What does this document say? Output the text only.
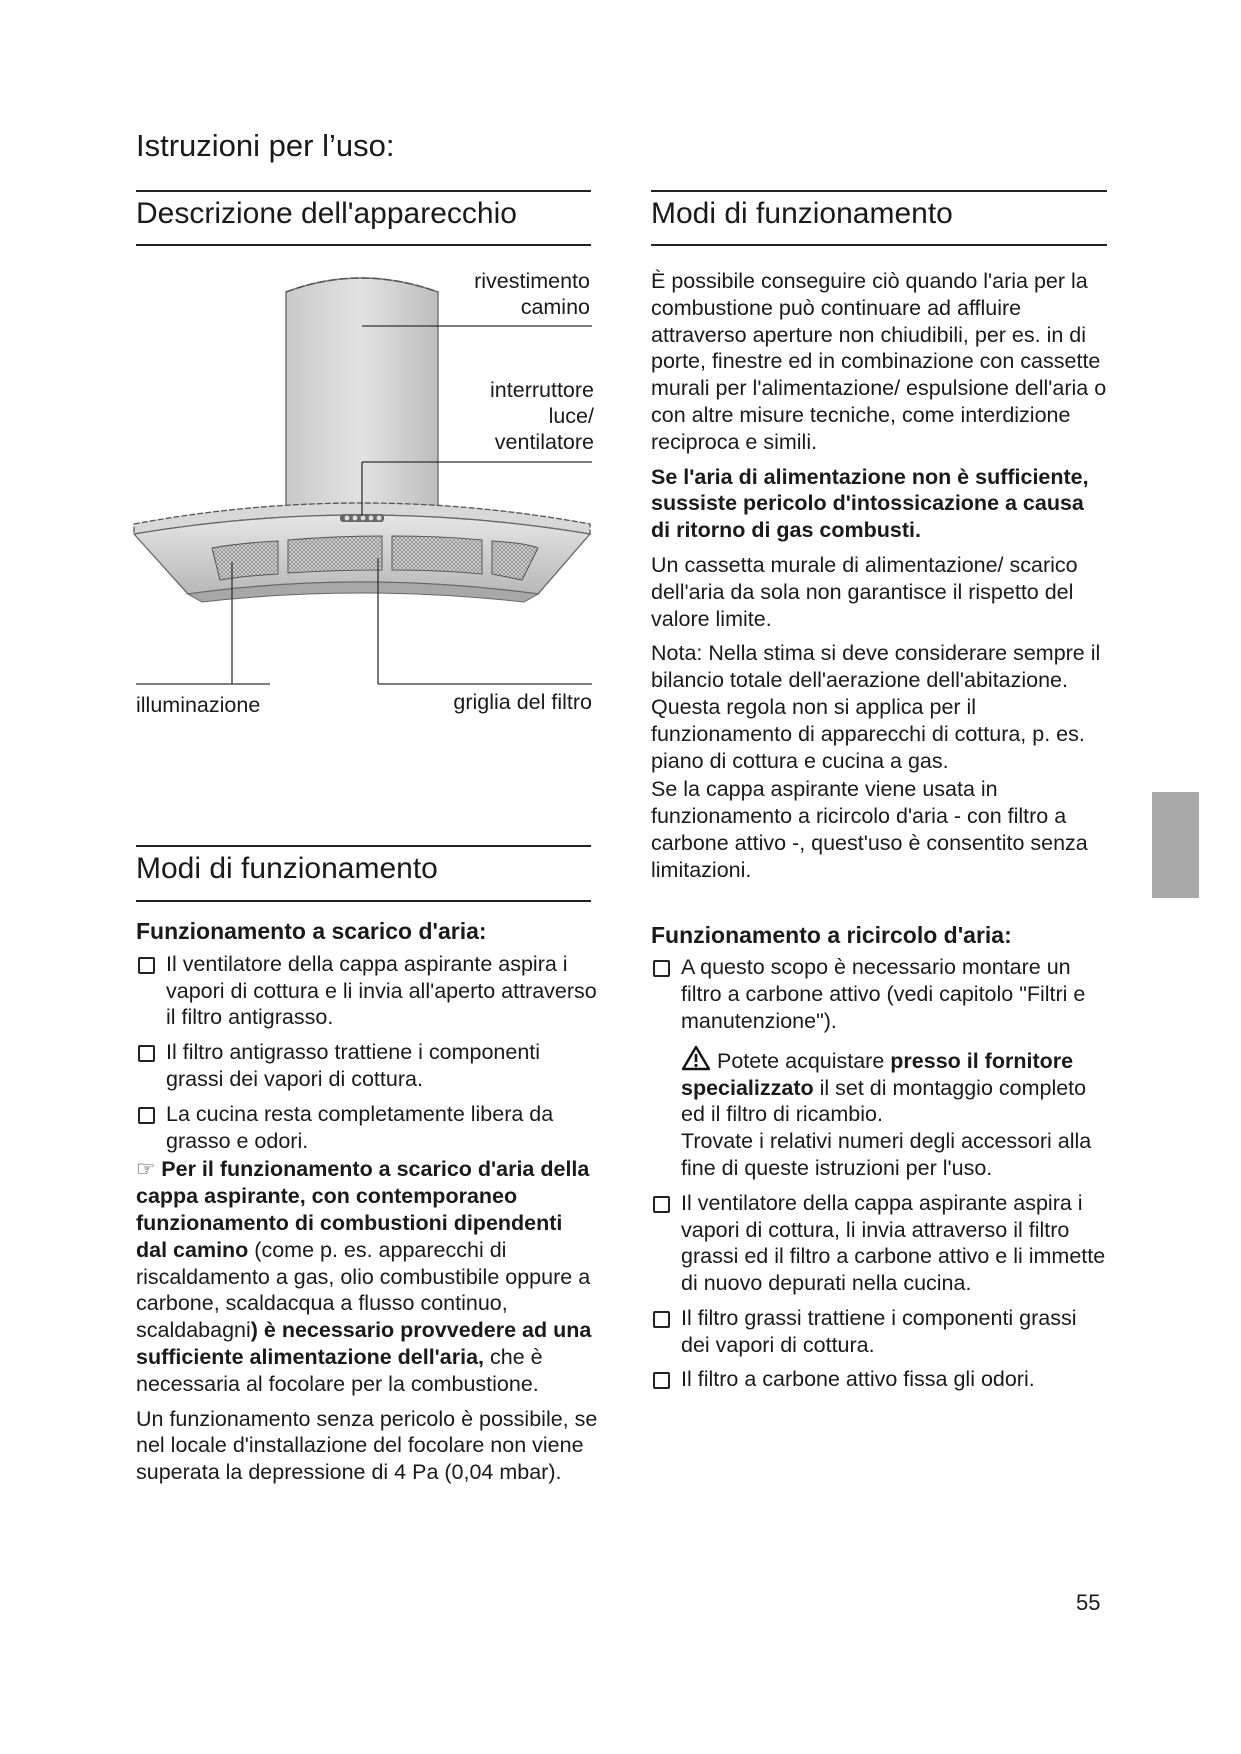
Istruzioni per l’uso:
Descrizione dell'apparecchio
rivestimento
camino
interruttore
luce/
ventilatore
illuminazione	griglia del filtro
Modi di funzionamento
Funzionamento a scarico d'aria:
Il ventilatore della cappa aspirante aspira i vapori di cottura e li invia all'aperto attraverso il filtro antigrasso.
Il filtro antigrasso trattiene i componenti grassi dei vapori di cottura.
La cucina resta completamente libera da grasso e odori.

☞ Per il funzionamento a scarico d'aria della cappa aspirante, con contemporaneo funzionamento di combustioni dipendenti dal camino (come p. es. apparecchi di riscaldamento a gas, olio combustibile oppure a carbone, scaldacqua a flusso continuo, scaldabagni) è necessario provvedere ad una sufficiente alimentazione dell'aria, che è necessaria al focolare per la combustione.

Un funzionamento senza pericolo è possibile, se nel locale d'installazione del focolare non viene superata la depressione di 4 Pa (0,04 mbar).

Modi di funzionamento

È possibile conseguire ciò quando l'aria per la combustione può continuare ad affluire attraverso aperture non chiudibili, per es. in di porte, finestre ed in combinazione con cassette murali per l'alimentazione/ espulsione dell'aria o con altre misure tecniche, come interdizione reciproca e simili.

Se l'aria di alimentazione non è sufficiente, sussiste pericolo d'intossicazione a causa di ritorno di gas combusti.

Un cassetta murale di alimentazione/ scarico dell'aria da sola non garantisce il rispetto del valore limite.

Nota: Nella stima si deve considerare sempre il bilancio totale dell'aerazione dell'abitazione. Questa regola non si applica per il funzionamento di apparecchi di cottura, p. es. piano di cottura e cucina a gas.

Se la cappa aspirante viene usata in funzionamento a ricircolo d'aria - con filtro a carbone attivo -, quest'uso è consentito senza limitazioni.

Funzionamento a ricircolo d'aria:
A questo scopo è necessario montare un filtro a carbone attivo (vedi capitolo "Filtri e manutenzione").

Potete acquistare presso il fornitore specializzato il set di montaggio completo ed il filtro di ricambio.
Trovate i relativi numeri degli accessori alla fine di queste istruzioni per l'uso.

Il ventilatore della cappa aspirante aspira i vapori di cottura, li invia attraverso il filtro grassi ed il filtro a carbone attivo e li immette di nuovo depurati nella cucina.
Il filtro grassi trattiene i componenti grassi dei vapori di cottura.
Il filtro a carbone attivo fissa gli odori.
55
